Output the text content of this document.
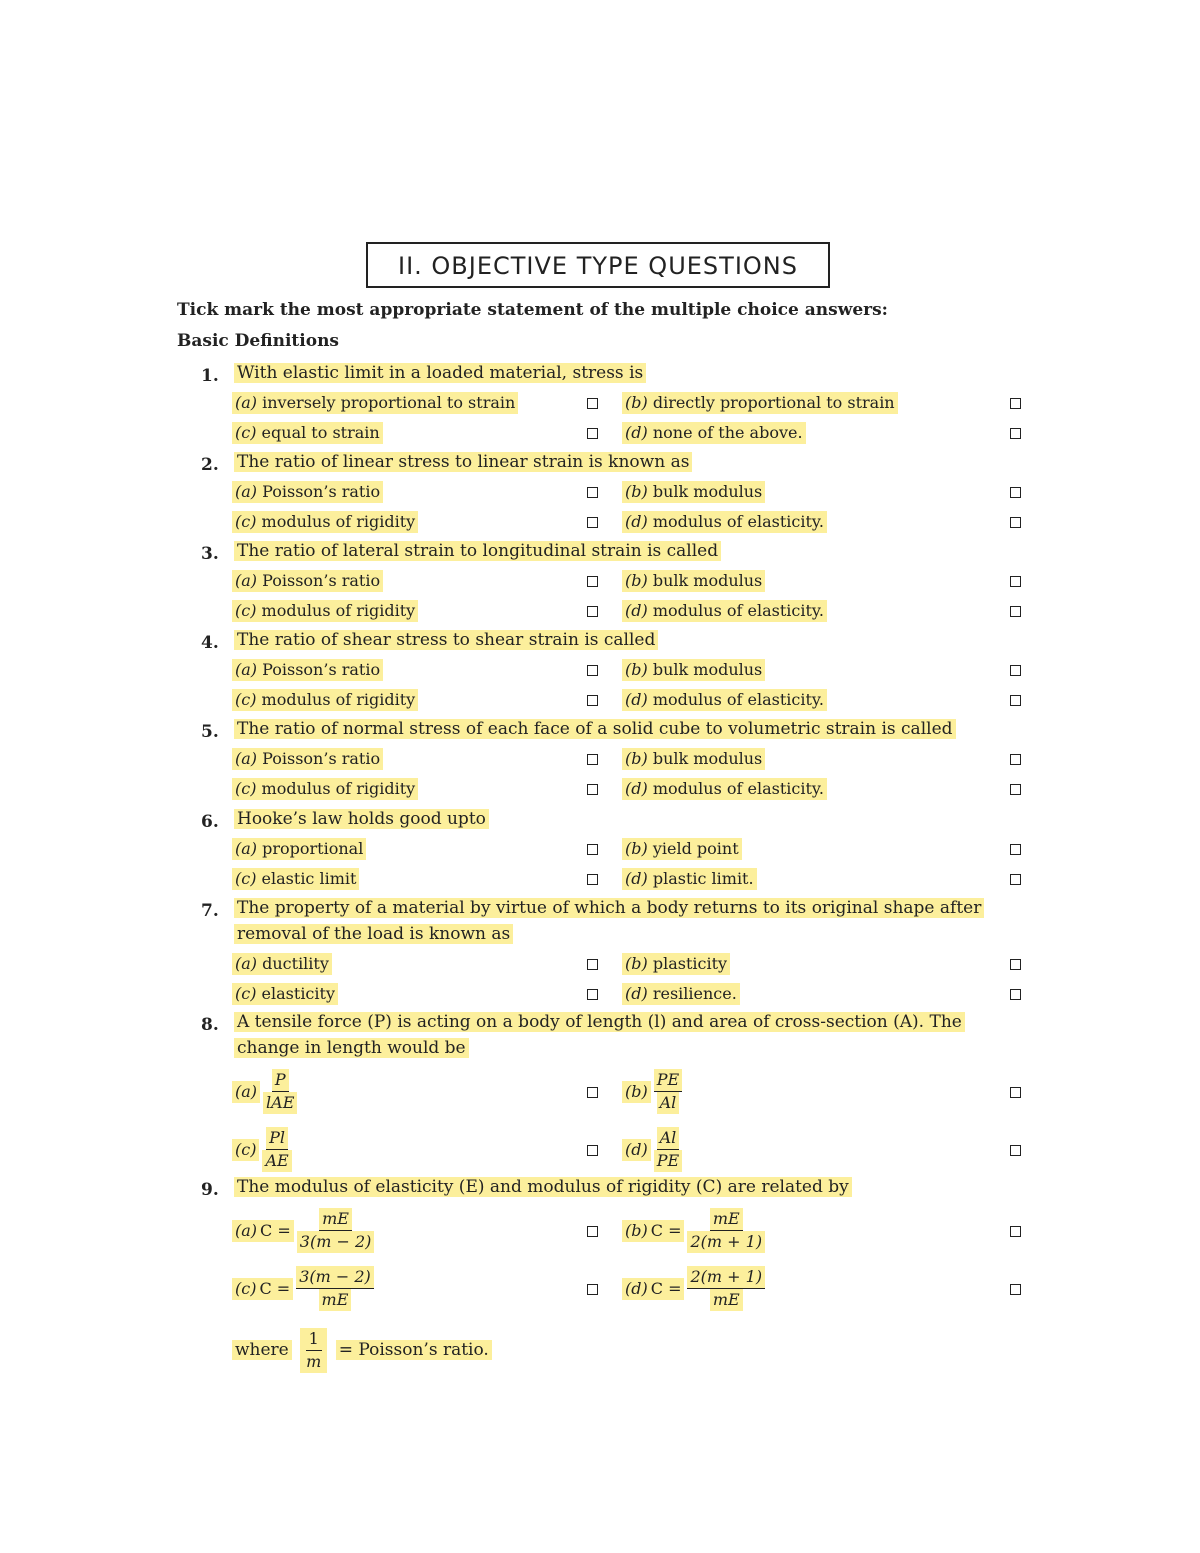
II. OBJECTIVE TYPE QUESTIONS
Tick mark the most appropriate statement of the multiple choice answers:
Basic Definitions
1. With elastic limit in a loaded material, stress is
(a) inversely proportional to strain	(b) directly proportional to strain
(c) equal to strain	(d) none of the above.
2. The ratio of linear stress to linear strain is known as
(a) Poisson’s ratio	(b) bulk modulus
(c) modulus of rigidity	(d) modulus of elasticity.
3. The ratio of lateral strain to longitudinal strain is called
(a) Poisson’s ratio	(b) bulk modulus
(c) modulus of rigidity	(d) modulus of elasticity.
4. The ratio of shear stress to shear strain is called
(a) Poisson’s ratio	(b) bulk modulus
(c) modulus of rigidity	(d) modulus of elasticity.
5. The ratio of normal stress of each face of a solid cube to volumetric strain is called
(a) Poisson’s ratio	(b) bulk modulus
(c) modulus of rigidity	(d) modulus of elasticity.
6. Hooke’s law holds good upto
(a) proportional	(b) yield point
(c) elastic limit	(d) plastic limit.
7. The property of a material by virtue of which a body returns to its original shape after removal of the load is known as
(a) ductility	(b) plasticity
(c) elasticity	(d) resilience.
8. A tensile force (P) is acting on a body of length (l) and area of cross-section (A). The change in length would be
$(a) \frac{P}{\text{lAE}}$	$(b) \frac{PE}{Al}$
$(c) \frac{Pl}{AE}$	$(d) \frac{Al}{PE}$
9. The modulus of elasticity (E) and modulus of rigidity (C) are related by
(a) $C = \frac{mE}{3(m - 2)}$	(b) $C = \frac{mE}{2(m + 1)}$
(c) $C = \frac{3(m - 2)}{mE}$	(d) $C = \frac{2(m + 1)}{mE}$
where $\frac{1}{m}$ = Poisson’s ratio.
